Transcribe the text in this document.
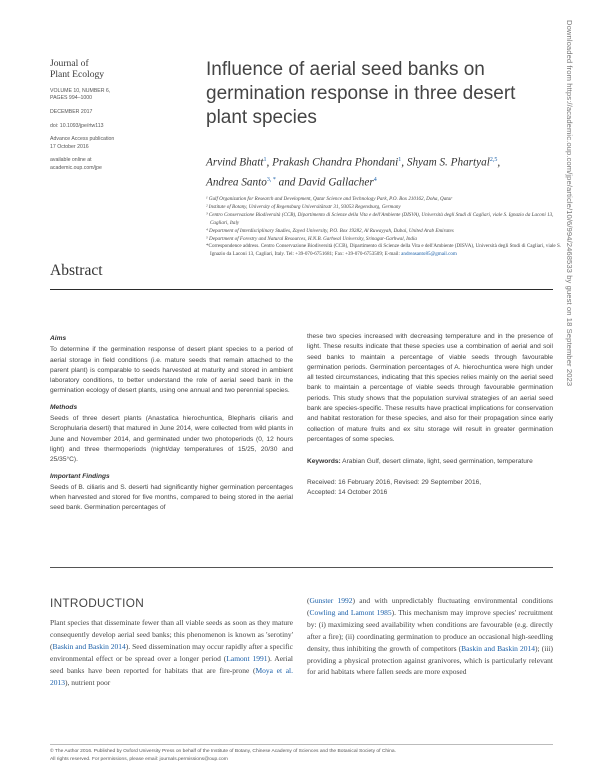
Journal of
Plant Ecology
VOLUME 10, NUMBER 6,
PAGES 994–1000
DECEMBER 2017
doi: 10.1093/jpe/rtw113
Advance Access publication
17 October 2016
available online at
academic.oup.com/jpe
Influence of aerial seed banks on germination response in three desert plant species
Arvind Bhatt$^1$, Prakash Chandra Phondani$^1$, Shyam S. Phartyal$^{2,5}$, Andrea Santo$^{3, *}$ and David Gallacher$^4$
¹ Gulf Organization for Research and Development, Qatar Science and Technology Park, P.O. Box 210162, Doha, Qatar
² Institute of Botany, University of Regensburg Universitätsstr 31, 93053 Regensburg, Germany
³ Centro Conservazione Biodiversità (CCB), Dipartimento di Scienze della Vita e dell'Ambiente (DISVA), Università degli Studi di Cagliari, viale S. Ignazio da Laconi 13, Cagliari, Italy
⁴ Department of Interdisciplinary Studies, Zayed University, P.O. Box 19282, Al Ruwayyah, Dubai, United Arab Emirates
⁵ Department of Forestry and Natural Resources, H.N.B. Garhwal University, Srinagar-Garhwal, India
*Correspondence address. Centro Conservazione Biodiversità (CCB), Dipartimento di Scienze della Vita e dell'Ambiente (DISVA), Università degli Studi di Cagliari, viale S. Ignazio da Laconi 13, Cagliari, Italy. Tel: +39-070-6751681; Fax: +39-070-6753509; E-mail: andreasanto85@gmail.com	Downloaded from https://academic.oup.com/jpe/article/10/6/994/2468533 by guest on 18 September 2023
Abstract
Aims
To determine if the germination response of desert plant species to a period of aerial storage in field conditions (i.e. mature seeds that remain attached to the parent plant) is comparable to seeds harvested at maturity and stored in ambient laboratory conditions, to better understand the role of aerial seed bank in the germination ecology of desert plants, using one annual and two perennial species.
Methods
Seeds of three desert plants (Anastatica hierochuntica, Blepharis ciliaris and Scrophularia deserti) that matured in June 2014, were collected from wild plants in June and November 2014, and germinated under two photoperiods (0, 12 hours light) and three thermoperiods (night/day temperatures of 15/25, 20/30 and 25/35°C).
Important Findings
Seeds of B. ciliaris and S. deserti had significantly higher germination percentages when harvested and stored for five months, compared to being stored in the aerial seed bank. Germination percentages of
these two species increased with decreasing temperature and in the presence of light. These results indicate that these species use a combination of aerial and soil seed banks to maintain a percentage of viable seeds through favourable germination periods. Germination percentages of A. hierochuntica were high under all tested circumstances, indicating that this species relies mainly on the aerial seed bank to maintain a percentage of viable seeds through favourable germination periods. This study shows that the population survival strategies of an aerial seed bank are species-specific. These results have practical implications for conservation and habitat restoration for these species, and also for their propagation since early collection of mature fruits and ex situ storage will result in greater germination percentages of some species.
Keywords: Arabian Gulf, desert climate, light, seed germination, temperature
Received: 16 February 2016, Revised: 29 September 2016,
Accepted: 14 October 2016
INTRODUCTION
Plant species that disseminate fewer than all viable seeds as soon as they mature consequently develop aerial seed banks; this phenomenon is known as 'serotiny' (Baskin and Baskin 2014). Seed dissemination may occur rapidly after a specific environmental effect or be spread over a longer period (Lamont 1991). Aerial seed banks have been reported for habitats that are fire-prone (Moya et al. 2013), nutrient poor
(Gunster 1992) and with unpredictably fluctuating environmental conditions (Cowling and Lamont 1985). This mechanism may improve species' recruitment by: (i) maximizing seed availability when conditions are favourable (e.g. directly after a fire); (ii) coordinating germination to produce an occasional high-seedling density, thus inhibiting the growth of competitors (Baskin and Baskin 2014); (iii) providing a physical protection against granivores, which is particularly relevant for arid habitats where fallen seeds are more exposed
© The Author 2016. Published by Oxford University Press on behalf of the Institute of Botany, Chinese Academy of Sciences and the Botanical Society of China.
All rights reserved. For permissions, please email: journals.permissions@oup.com
